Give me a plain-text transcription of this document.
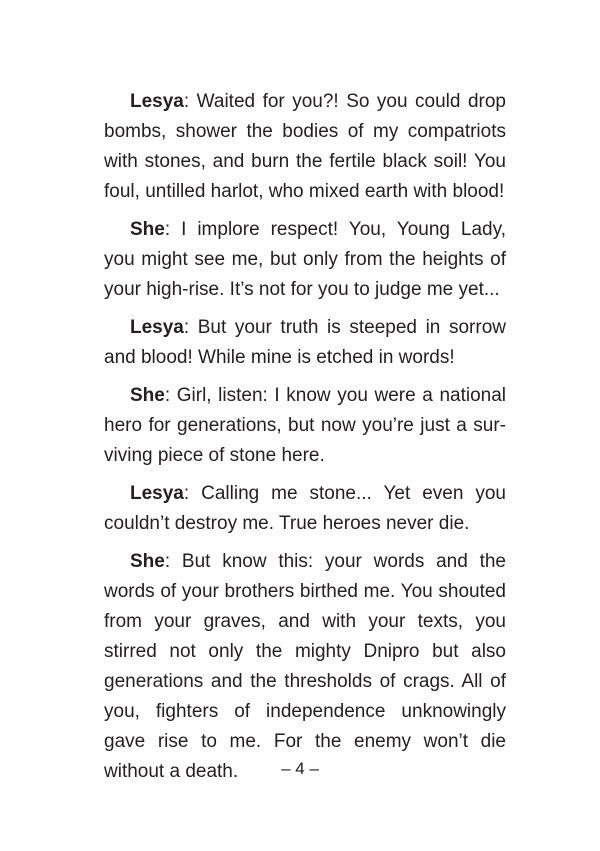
Lesya: Waited for you?! So you could drop bombs, shower the bodies of my compatriots with stones, and burn the fertile black soil! You foul, untilled harlot, who mixed earth with blood!

She: I implore respect! You, Young Lady, you might see me, but only from the heights of your high-rise. It’s not for you to judge me yet...

Lesya: But your truth is steeped in sorrow and blood! While mine is etched in words!

She: Girl, listen: I know you were a national hero for generations, but now you’re just a surviving piece of stone here.

Lesya: Calling me stone... Yet even you couldn’t destroy me. True heroes never die.

She: But know this: your words and the words of your brothers birthed me. You shouted from your graves, and with your texts, you stirred not only the mighty Dnipro but also generations and the thresholds of crags. All of you, fighters of independence unknowingly gave rise to me. For the enemy won’t die without a death.	– 4 –
